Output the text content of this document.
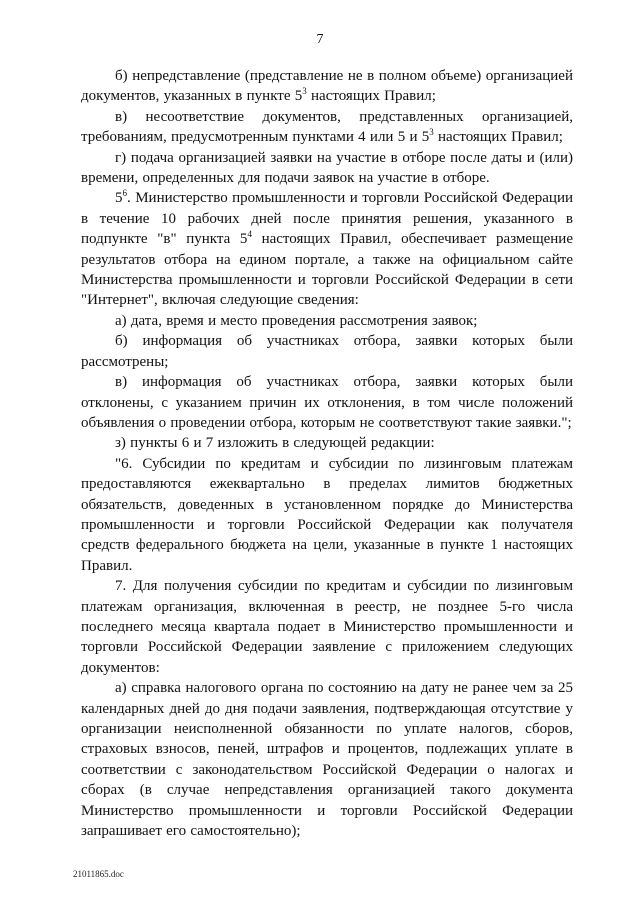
7

б) непредставление (представление не в полном объеме) организацией документов, указанных в пункте $5^3$ настоящих Правил;

в) несоответствие документов, представленных организацией, требованиям, предусмотренным пунктами 4 или 5 и $5^3$ настоящих Правил;

г) подача организацией заявки на участие в отборе после даты и (или) времени, определенных для подачи заявок на участие в отборе.

$5^6$. Министерство промышленности и торговли Российской Федерации в течение 10 рабочих дней после принятия решения, указанного в подпункте "в" пункта $5^4$ настоящих Правил, обеспечивает размещение результатов отбора на едином портале, а также на официальном сайте Министерства промышленности и торговли Российской Федерации в сети "Интернет", включая следующие сведения:

а) дата, время и место проведения рассмотрения заявок;

б) информация об участниках отбора, заявки которых были рассмотрены;

в) информация об участниках отбора, заявки которых были отклонены, с указанием причин их отклонения, в том числе положений объявления о проведении отбора, которым не соответствуют такие заявки.";

з) пункты 6 и 7 изложить в следующей редакции:

"6. Субсидии по кредитам и субсидии по лизинговым платежам предоставляются ежеквартально в пределах лимитов бюджетных обязательств, доведенных в установленном порядке до Министерства промышленности и торговли Российской Федерации как получателя средств федерального бюджета на цели, указанные в пункте 1 настоящих Правил.

7. Для получения субсидии по кредитам и субсидии по лизинговым платежам организация, включенная в реестр, не позднее 5-го числа последнего месяца квартала подает в Министерство промышленности и торговли Российской Федерации заявление с приложением следующих документов:

а) справка налогового органа по состоянию на дату не ранее чем за 25 календарных дней до дня подачи заявления, подтверждающая отсутствие у организации неисполненной обязанности по уплате налогов, сборов, страховых взносов, пеней, штрафов и процентов, подлежащих уплате в соответствии с законодательством Российской Федерации о налогах и сборах (в случае непредставления организацией такого документа Министерство промышленности и торговли Российской Федерации запрашивает его самостоятельно);

21011865.doc
